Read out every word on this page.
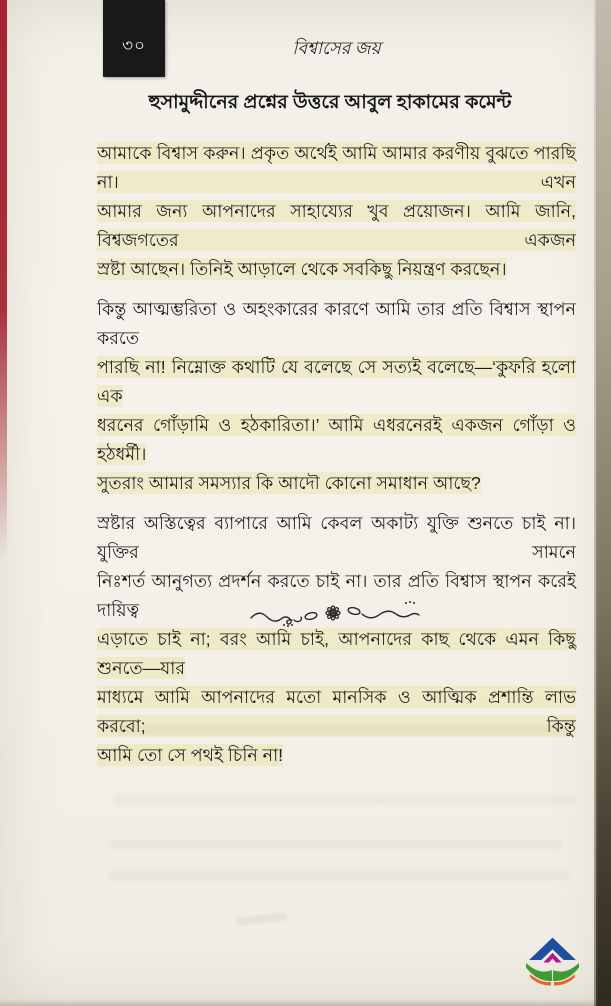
৩০	বিশ্বাসের জয়
হুসামুদ্দীনের প্রশ্নের উত্তরে আবুল হাকামের কমেন্ট
আমাকে বিশ্বাস করুন। প্রকৃত অর্থেই আমি আমার করণীয় বুঝতে পারছি না। এখন
আমার জন্য আপনাদের সাহায্যের খুব প্রয়োজন। আমি জানি, বিশ্বজগতের একজন
স্রষ্টা আছেন। তিনিই আড়ালে থেকে সবকিছু নিয়ন্ত্রণ করছেন।
কিন্তু আত্মম্ভরিতা ও অহংকারের কারণে আমি তার প্রতি বিশ্বাস স্থাপন করতে
পারছি না! নিম্নোক্ত কথাটি যে বলেছে সে সত্যই বলেছে—‘কুফরি হলো এক
ধরনের গোঁড়ামি ও হঠকারিতা।’ আমি এধরনেরই একজন গোঁড়া ও হঠধর্মী।
সুতরাং আমার সমস্যার কি আদৌ কোনো সমাধান আছে?
স্রষ্টার অস্তিত্বের ব্যাপারে আমি কেবল অকাট্য যুক্তি শুনতে চাই না। যুক্তির সামনে
নিঃশর্ত আনুগত্য প্রদর্শন করতে চাই না। তার প্রতি বিশ্বাস স্থাপন করেই দায়িত্ব
এড়াতে চাই না; বরং আমি চাই, আপনাদের কাছ থেকে এমন কিছু শুনতে—যার
মাধ্যমে আমি আপনাদের মতো মানসিক ও আত্মিক প্রশান্তি লাভ করবো; কিন্তু
আমি তো সে পথই চিনি না!
